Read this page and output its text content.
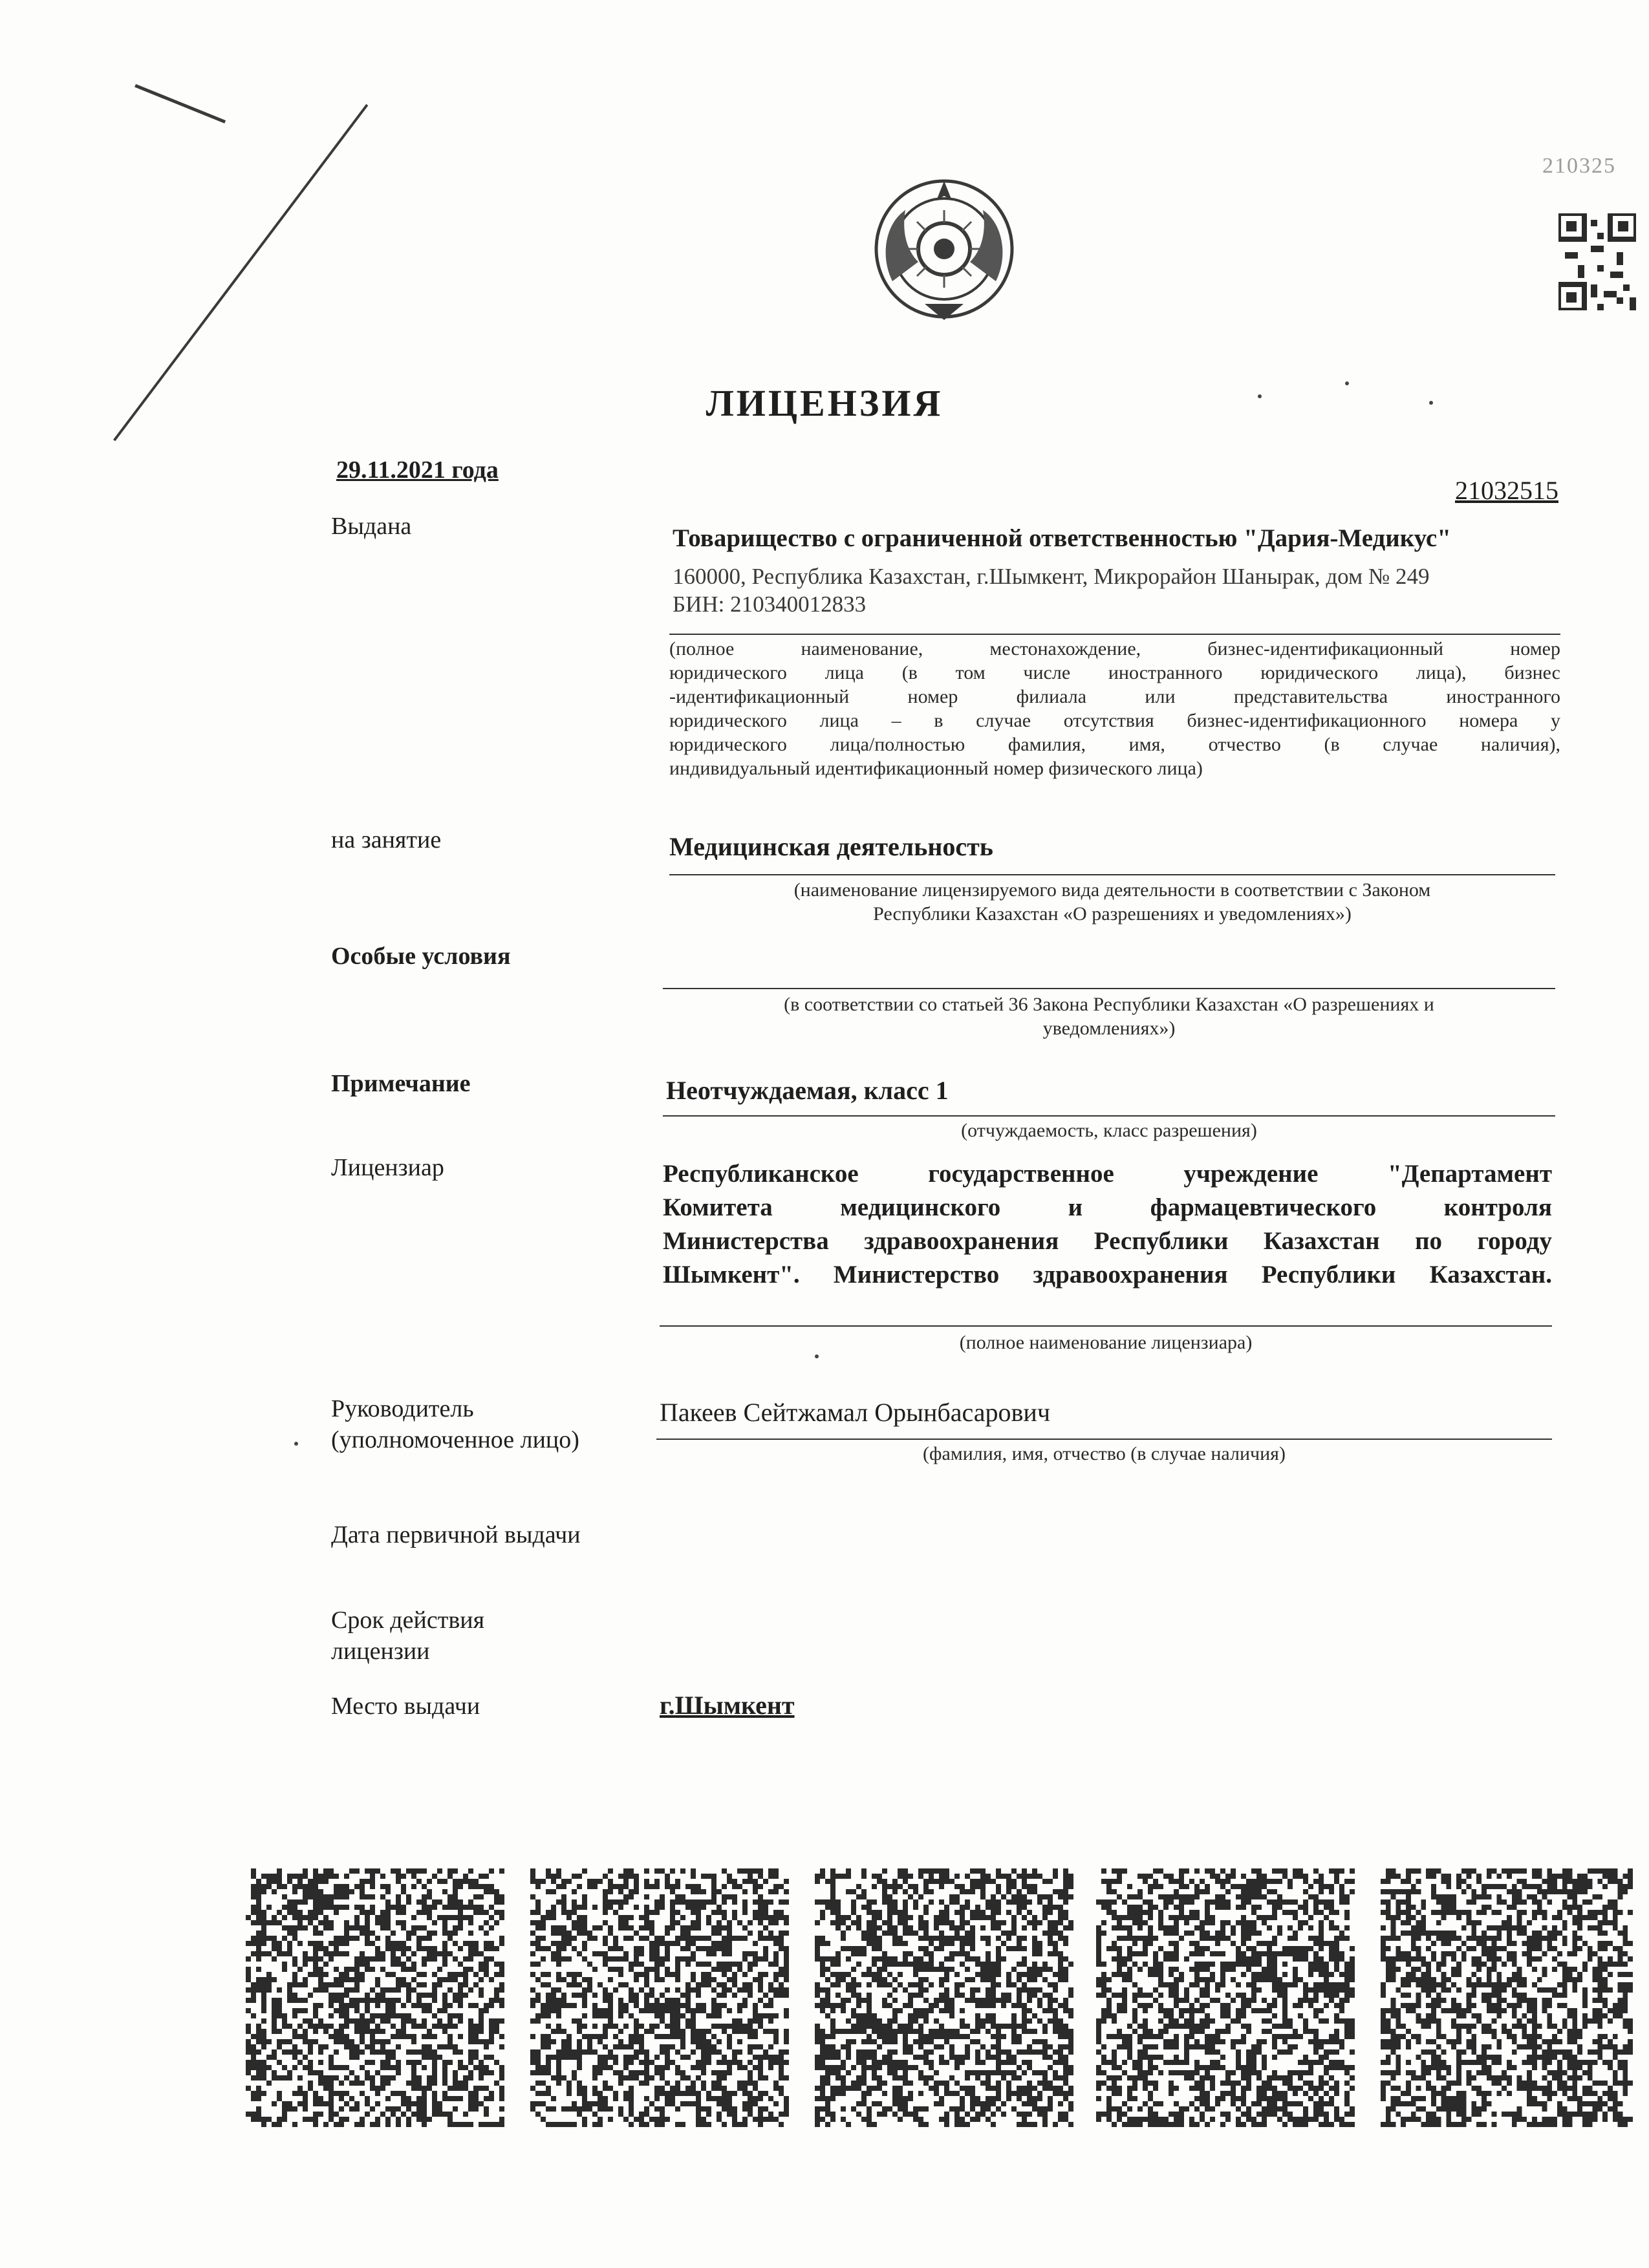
210325
ЛИЦЕНЗИЯ
29.11.2021 года
21032515
Выдана	Товарищество с ограниченной ответственностью "Дария-Медикус"
160000, Республика Казахстан, г.Шымкент, Микрорайон Шанырак, дом № 249
БИН: 210340012833
(полное наименование, местонахождение, бизнес-идентификационный номер
юридического лица (в том числе иностранного юридического лица), бизнес
-идентификационный номер филиала или представительства иностранного
юридического лица – в случае отсутствия бизнес-идентификационного номера у
юридического лица/полностью фамилия, имя, отчество (в случае наличия),
индивидуальный идентификационный номер физического лица)
на занятие	Медицинская деятельность
(наименование лицензируемого вида деятельности в соответствии с Законом
Республики Казахстан «О разрешениях и уведомлениях»)
Особые условия
(в соответствии со статьей 36 Закона Республики Казахстан «О разрешениях и
уведомлениях»)
Примечание	Неотчуждаемая, класс 1
(отчуждаемость, класс разрешения)
Лицензиар	Республиканское государственное учреждение "Департамент
Комитета медицинского и фармацевтического контроля
Министерства здравоохранения Республики Казахстан по городу
Шымкент". Министерство здравоохранения Республики Казахстан.
(полное наименование лицензиара)
Руководитель
(уполномоченное лицо)
Пакеев Сейтжамал Орынбасарович
(фамилия, имя, отчество (в случае наличия)
Дата первичной выдачи
Срок действия
лицензии
Место выдачи	г.Шымкент
